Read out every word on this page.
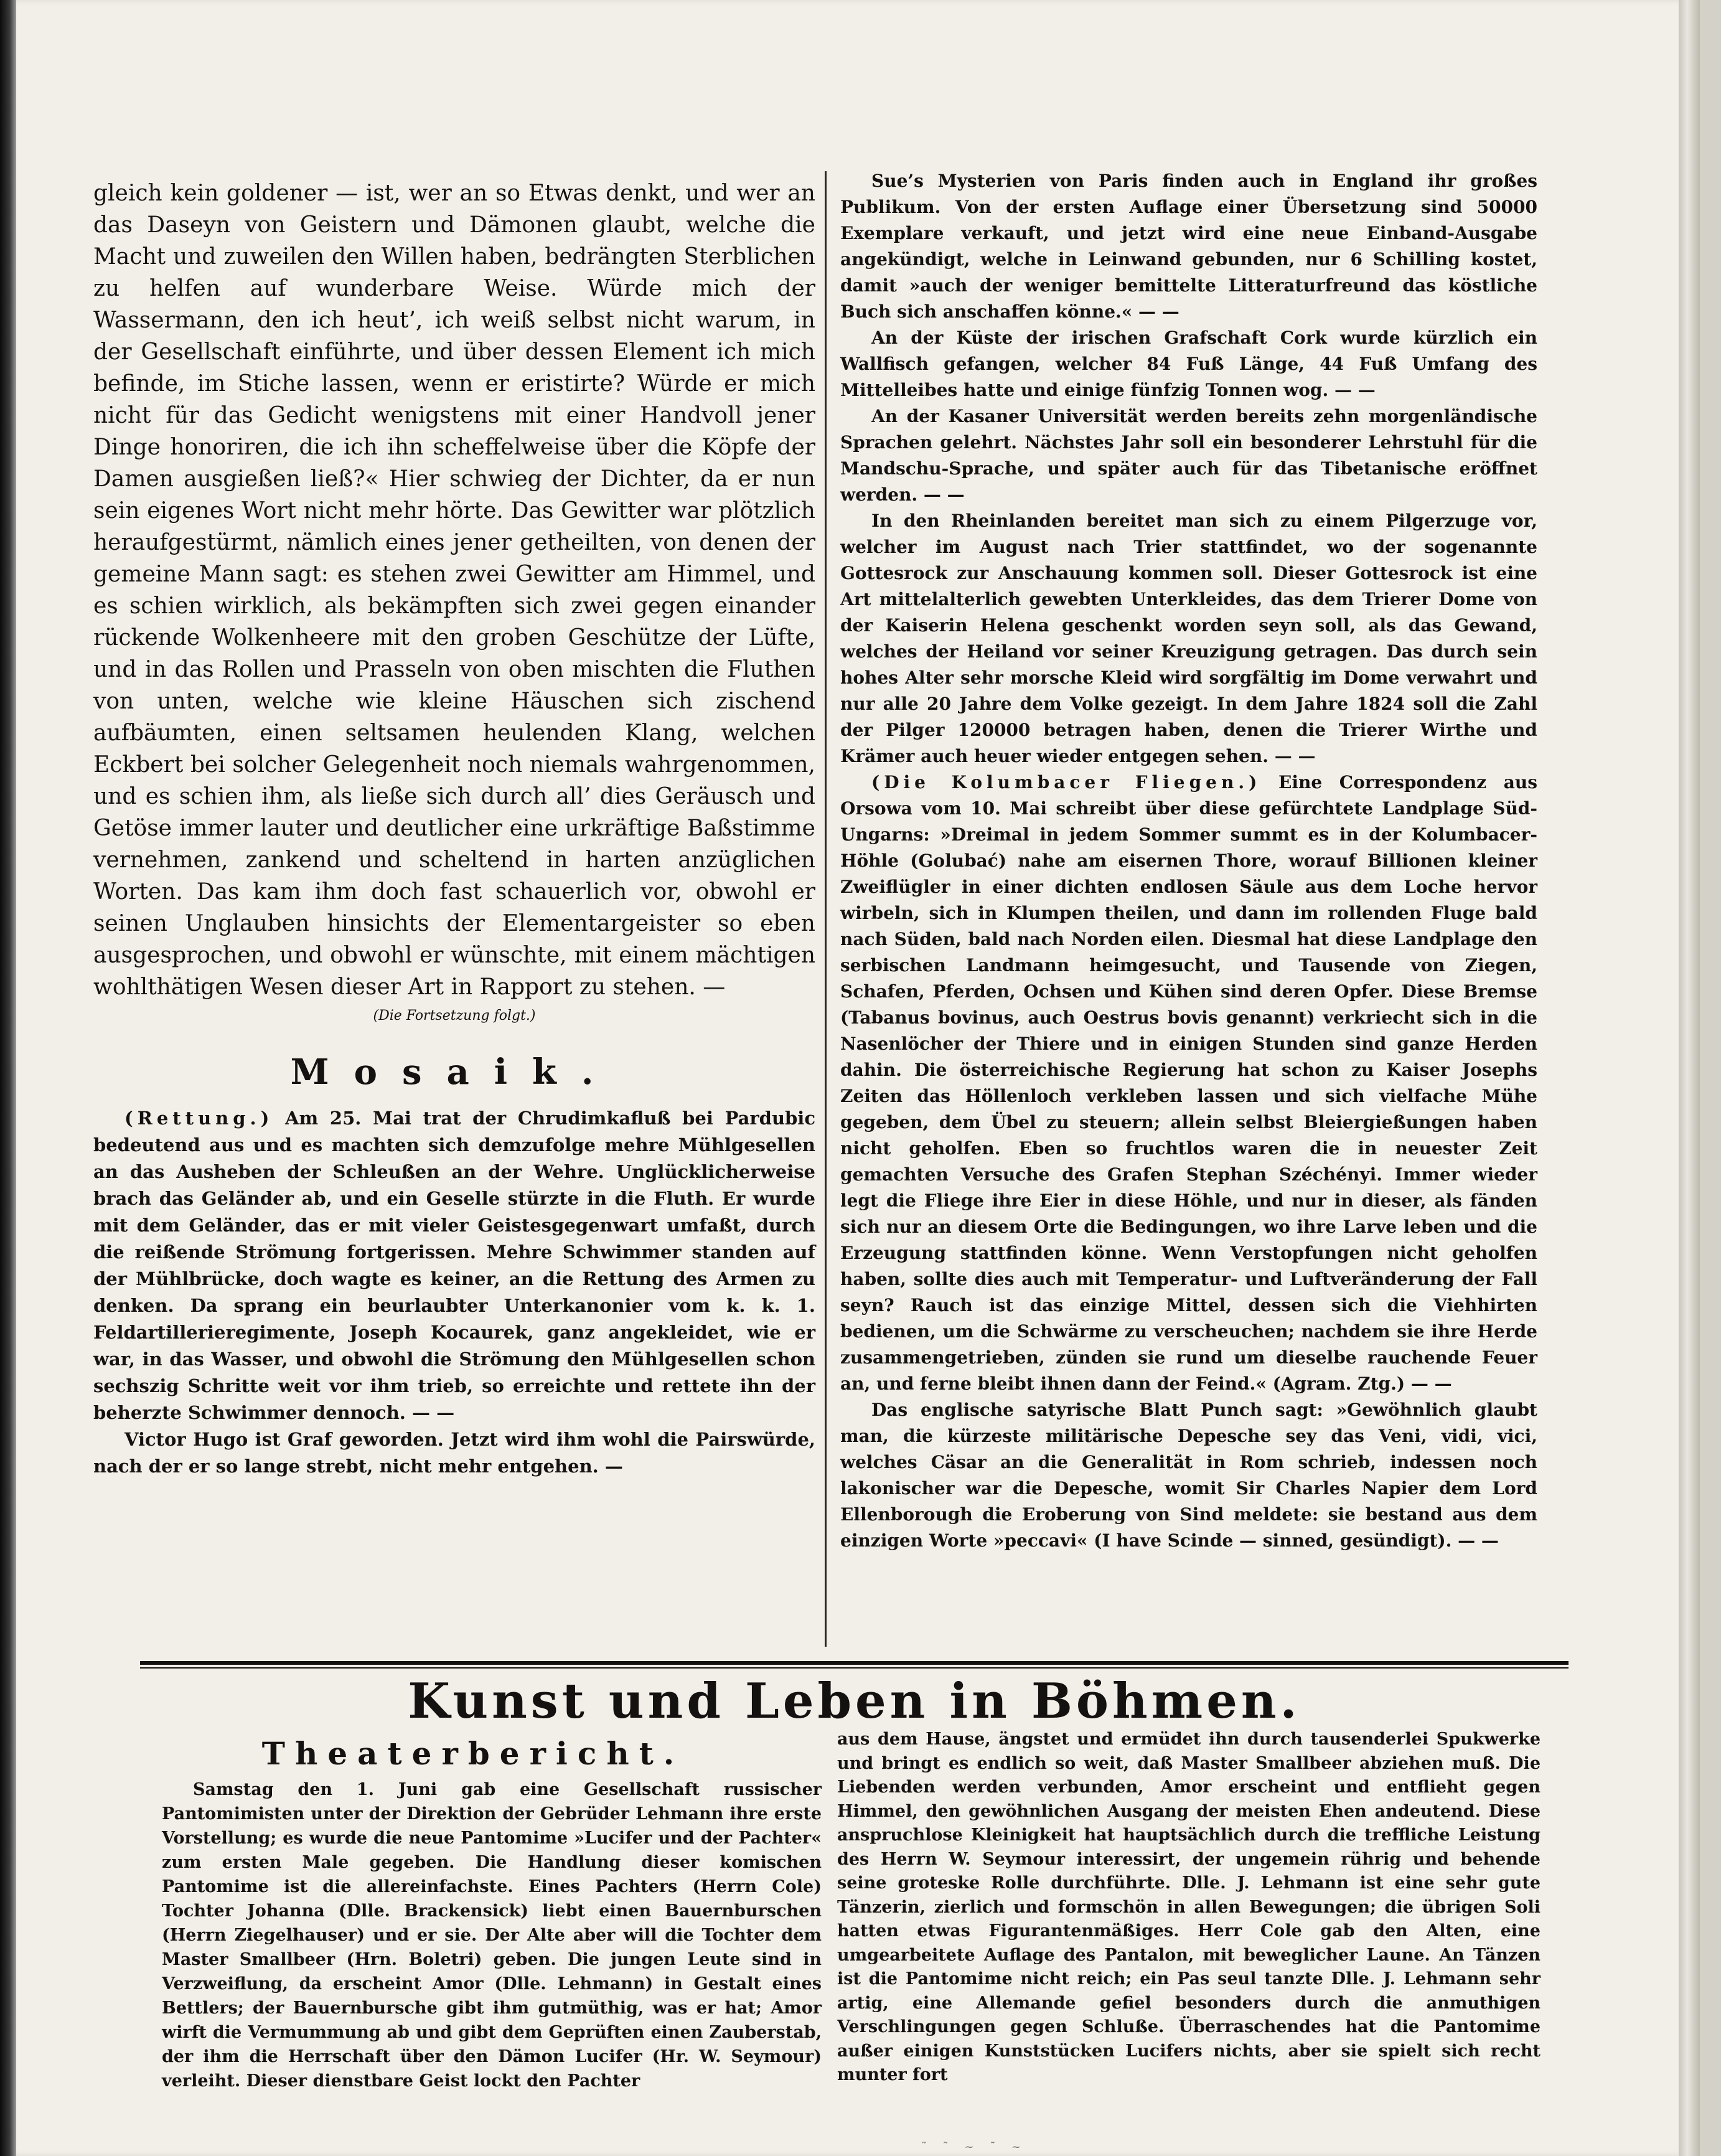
gleich kein goldener — ist, wer an so Etwas denkt, und wer an das Daseyn von Geistern und Dämonen glaubt, welche die Macht und zuweilen den Willen haben, bedrängten Sterblichen zu helfen auf wunderbare Weise. Würde mich der Wassermann, den ich heut’, ich weiß selbst nicht warum, in der Gesellschaft einführte, und über dessen Element ich mich befinde, im Stiche lassen, wenn er eristirte? Würde er mich nicht für das Gedicht wenigstens mit einer Handvoll jener Dinge honoriren, die ich ihn scheffelweise über die Köpfe der Damen ausgießen ließ?« Hier schwieg der Dichter, da er nun sein eigenes Wort nicht mehr hörte. Das Gewitter war plötzlich heraufgestürmt, nämlich eines jener getheilten, von denen der gemeine Mann sagt: es stehen zwei Gewitter am Himmel, und es schien wirklich, als bekämpften sich zwei gegen einander rückende Wolkenheere mit den groben Geschütze der Lüfte, und in das Rollen und Prasseln von oben mischten die Fluthen von unten, welche wie kleine Häuschen sich zischend aufbäumten, einen seltsamen heulenden Klang, welchen Eckbert bei solcher Gelegenheit noch niemals wahrgenommen, und es schien ihm, als ließe sich durch all’ dies Geräusch und Getöse immer lauter und deutlicher eine urkräftige Baßstimme vernehmen, zankend und scheltend in harten anzüglichen Worten. Das kam ihm doch fast schauerlich vor, obwohl er seinen Unglauben hinsichts der Elementargeister so eben ausgesprochen, und obwohl er wünschte, mit einem mächtigen wohlthätigen Wesen dieser Art in Rapport zu stehen. —

(Die Fortsetzung folgt.)
Mosaik.

(Rettung.) Am 25. Mai trat der Chrudimkafluß bei Pardubic bedeutend aus und es machten sich demzufolge mehre Mühlgesellen an das Ausheben der Schleußen an der Wehre. Unglücklicherweise brach das Geländer ab, und ein Geselle stürzte in die Fluth. Er wurde mit dem Geländer, das er mit vieler Geistesgegenwart umfaßt, durch die reißende Strömung fortgerissen. Mehre Schwimmer standen auf der Mühlbrücke, doch wagte es keiner, an die Rettung des Armen zu denken. Da sprang ein beurlaubter Unterkanonier vom k. k. 1. Feldartillerieregimente, Joseph Kocaurek, ganz angekleidet, wie er war, in das Wasser, und obwohl die Strömung den Mühlgesellen schon sechszig Schritte weit vor ihm trieb, so erreichte und rettete ihn der beherzte Schwimmer dennoch. — —

Victor Hugo ist Graf geworden. Jetzt wird ihm wohl die Pairswürde, nach der er so lange strebt, nicht mehr entgehen. —

Sue’s Mysterien von Paris finden auch in England ihr großes Publikum. Von der ersten Auflage einer Übersetzung sind 50000 Exemplare verkauft, und jetzt wird eine neue Einband-Ausgabe angekündigt, welche in Leinwand gebunden, nur 6 Schilling kostet, damit »auch der weniger bemittelte Litteraturfreund das köstliche Buch sich anschaffen könne.« — —

An der Küste der irischen Grafschaft Cork wurde kürzlich ein Wallfisch gefangen, welcher 84 Fuß Länge, 44 Fuß Umfang des Mittelleibes hatte und einige fünfzig Tonnen wog. — —

An der Kasaner Universität werden bereits zehn morgenländische Sprachen gelehrt. Nächstes Jahr soll ein besonderer Lehrstuhl für die Mandschu-Sprache, und später auch für das Tibetanische eröffnet werden. — —

In den Rheinlanden bereitet man sich zu einem Pilgerzuge vor, welcher im August nach Trier stattfindet, wo der sogenannte Gottesrock zur Anschauung kommen soll. Dieser Gottesrock ist eine Art mittelalterlich gewebten Unterkleides, das dem Trierer Dome von der Kaiserin Helena geschenkt worden seyn soll, als das Gewand, welches der Heiland vor seiner Kreuzigung getragen. Das durch sein hohes Alter sehr morsche Kleid wird sorgfältig im Dome verwahrt und nur alle 20 Jahre dem Volke gezeigt. In dem Jahre 1824 soll die Zahl der Pilger 120000 betragen haben, denen die Trierer Wirthe und Krämer auch heuer wieder entgegen sehen. — —

(Die Kolumbacer Fliegen.) Eine Correspondenz aus Orsowa vom 10. Mai schreibt über diese gefürchtete Landplage Süd-Ungarns: »Dreimal in jedem Sommer summt es in der Kolumbacer-Höhle (Golubać) nahe am eisernen Thore, worauf Billionen kleiner Zweiflügler in einer dichten endlosen Säule aus dem Loche hervor wirbeln, sich in Klumpen theilen, und dann im rollenden Fluge bald nach Süden, bald nach Norden eilen. Diesmal hat diese Landplage den serbischen Landmann heimgesucht, und Tausende von Ziegen, Schafen, Pferden, Ochsen und Kühen sind deren Opfer. Diese Bremse (Tabanus bovinus, auch Oestrus bovis genannt) verkriecht sich in die Nasenlöcher der Thiere und in einigen Stunden sind ganze Herden dahin. Die österreichische Regierung hat schon zu Kaiser Josephs Zeiten das Höllenloch verkleben lassen und sich vielfache Mühe gegeben, dem Übel zu steuern; allein selbst Bleiergießungen haben nicht geholfen. Eben so fruchtlos waren die in neuester Zeit gemachten Versuche des Grafen Stephan Széchényi. Immer wieder legt die Fliege ihre Eier in diese Höhle, und nur in dieser, als fänden sich nur an diesem Orte die Bedingungen, wo ihre Larve leben und die Erzeugung stattfinden könne. Wenn Verstopfungen nicht geholfen haben, sollte dies auch mit Temperatur- und Luftveränderung der Fall seyn? Rauch ist das einzige Mittel, dessen sich die Viehhirten bedienen, um die Schwärme zu verscheuchen; nachdem sie ihre Herde zusammengetrieben, zünden sie rund um dieselbe rauchende Feuer an, und ferne bleibt ihnen dann der Feind.« (Agram. Ztg.) — —

Das englische satyrische Blatt Punch sagt: »Gewöhnlich glaubt man, die kürzeste militärische Depesche sey das Veni, vidi, vici, welches Cäsar an die Generalität in Rom schrieb, indessen noch lakonischer war die Depesche, womit Sir Charles Napier dem Lord Ellenborough die Eroberung von Sind meldete: sie bestand aus dem einzigen Worte »peccavi« (I have Scinde — sinned, gesündigt). — —

Kunst und Leben in Böhmen.
Theaterbericht.

Samstag den 1. Juni gab eine Gesellschaft russischer Pantomimisten unter der Direktion der Gebrüder Lehmann ihre erste Vorstellung; es wurde die neue Pantomime »Lucifer und der Pachter« zum ersten Male gegeben. Die Handlung dieser komischen Pantomime ist die allereinfachste. Eines Pachters (Herrn Cole) Tochter Johanna (Dlle. Brackensick) liebt einen Bauernburschen (Herrn Ziegelhauser) und er sie. Der Alte aber will die Tochter dem Master Smallbeer (Hrn. Boletri) geben. Die jungen Leute sind in Verzweiflung, da erscheint Amor (Dlle. Lehmann) in Gestalt eines Bettlers; der Bauernbursche gibt ihm gutmüthig, was er hat; Amor wirft die Vermummung ab und gibt dem Geprüften einen Zauberstab, der ihm die Herrschaft über den Dämon Lucifer (Hr. W. Seymour) verleiht. Dieser dienstbare Geist lockt den Pachter

aus dem Hause, ängstet und ermüdet ihn durch tausenderlei Spukwerke und bringt es endlich so weit, daß Master Smallbeer abziehen muß. Die Liebenden werden verbunden, Amor erscheint und entflieht gegen Himmel, den gewöhnlichen Ausgang der meisten Ehen andeutend. Diese anspruchlose Kleinigkeit hat hauptsächlich durch die treffliche Leistung des Herrn W. Seymour interessirt, der ungemein rührig und behende seine groteske Rolle durchführte. Dlle. J. Lehmann ist eine sehr gute Tänzerin, zierlich und formschön in allen Bewegungen; die übrigen Soli hatten etwas Figurantenmäßiges. Herr Cole gab den Alten, eine umgearbeitete Auflage des Pantalon, mit beweglicher Laune. An Tänzen ist die Pantomime nicht reich; ein Pas seul tanzte Dlle. J. Lehmann sehr artig, eine Allemande gefiel besonders durch die anmuthigen Verschlingungen gegen Schluße. Überraschendes hat die Pantomime außer einigen Kunststücken Lucifers nichts, aber sie spielt sich recht munter fort

˜ ˜ ~ ˜ ~
